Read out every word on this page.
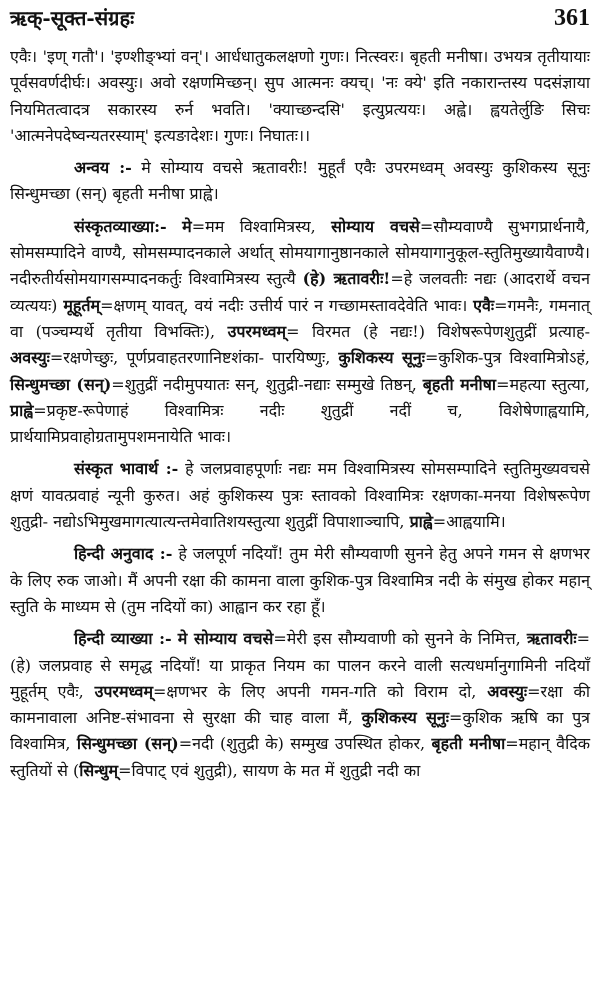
ऋक्-सूक्त-संग्रहः	361

एवैः। 'इण् गतौ'। 'इण्शीङ्भ्यां वन्'। आर्धधातुकलक्षणो गुणः। नित्स्वरः। बृहती मनीषा। उभयत्र तृतीयायाः पूर्वसवर्णदीर्घः। अवस्युः। अवो रक्षणमिच्छन्। सुप आत्मनः क्यच्। 'नः क्ये' इति नकारान्तस्य पदसंज्ञाया नियमितत्वादत्र सकारस्य रुर्न भवति। 'क्याच्छन्दसि' इत्युप्रत्ययः। अह्वे। ह्वयतेर्लुङि सिचः 'आत्मनेपदेष्वन्यतरस्याम्' इत्यङादेशः। गुणः। निघातः।।

अन्वय :- मे सोम्याय वचसे ऋतावरीः! मुहूर्तं एवैः उपरमध्वम् अवस्युः कुशिकस्य सूनुः सिन्धुमच्छा (सन्) बृहती मनीषा प्राह्वे।

संस्कृतव्याख्या:- मे=मम विश्वामित्रस्य, सोम्याय वचसे=सौम्यवाण्यै सुभगप्रार्थनायै, सोमसम्पादिने वाण्यै, सोमसम्पादनकाले अर्थात् सोमयागानुष्ठानकाले सोमयागानुकूल-स्तुतिमुख्यायैवाण्यै। नदीरुतीर्यसोमयागसम्पादनकर्तुः विश्वामित्रस्य स्तुत्यै (हे) ऋतावरीः!=हे जलवतीः नद्यः (आदरार्थे वचन व्यत्ययः) मूहूर्तम्=क्षणम् यावत्, वयं नदीः उत्तीर्य पारं न गच्छामस्तावदेवेति भावः। एवैः=गमनैः, गमनात् वा (पञ्चम्यर्थे तृतीया विभक्तिः), उपरमध्वम्= विरमत (हे नद्यः!) विशेषरूपेणशुतुद्रीं प्रत्याह- अवस्युः=रक्षणेच्छुः, पूर्णप्रवाहतरणानिष्टशंका- पारयिष्णुः, कुशिकस्य सूनुः=कुशिक-पुत्र विश्वामित्रोऽहं, सिन्धुमच्छा (सन्)=शुतुद्रीं नदीमुपयातः सन्, शुतुद्री-नद्याः सम्मुखे तिष्ठन्, बृहती मनीषा=महत्या स्तुत्या, प्राह्वे=प्रकृष्ट-रूपेणाहं विश्वामित्रः नदीः शुतुद्रीं नदीं च, विशेषेणाह्वयामि, प्रार्थयामिप्रवाहोग्रतामुपशमनायेति भावः।

संस्कृत भावार्थ :- हे जलप्रवाहपूर्णाः नद्यः मम विश्वामित्रस्य सोमसम्पादिने स्तुतिमुख्यवचसे क्षणं यावत्प्रवाहं न्यूनी कुरुत। अहं कुशिकस्य पुत्रः स्तावको विश्वामित्रः रक्षणका-मनया विशेषरूपेण शुतुद्री- नद्योऽभिमुखमागत्यात्यन्तमेवातिशयस्तुत्या शुतुद्रीं विपाशाञ्चापि, प्राह्वे=आह्वयामि।

हिन्दी अनुवाद :- हे जलपूर्ण नदियाँ! तुम मेरी सौम्यवाणी सुनने हेतु अपने गमन से क्षणभर के लिए रुक जाओ। मैं अपनी रक्षा की कामना वाला कुशिक-पुत्र विश्वामित्र नदी के संमुख होकर महान् स्तुति के माध्यम से (तुम नदियों का) आह्वान कर रहा हूँ।

हिन्दी व्याख्या :- मे सोम्याय वचसे=मेरी इस सौम्यवाणी को सुनने के निमित्त, ऋतावरीः=(हे) जलप्रवाह से समृद्ध नदियाँ! या प्राकृत नियम का पालन करने वाली सत्यधर्मानुगामिनी नदियाँ मुहूर्तम् एवैः, उपरमध्वम्=क्षणभर के लिए अपनी गमन-गति को विराम दो, अवस्युः=रक्षा की कामनावाला अनिष्ट-संभावना से सुरक्षा की चाह वाला मैं, कुशिकस्य सूनुः=कुशिक ऋषि का पुत्र विश्वामित्र, सिन्धुमच्छा (सन्)=नदी (शुतुद्री के) सम्मुख उपस्थित होकर, बृहती मनीषा=महान् वैदिक स्तुतियों से (सिन्धुम्=विपाट् एवं शुतुद्री), सायण के मत में शुतुद्री नदी का
